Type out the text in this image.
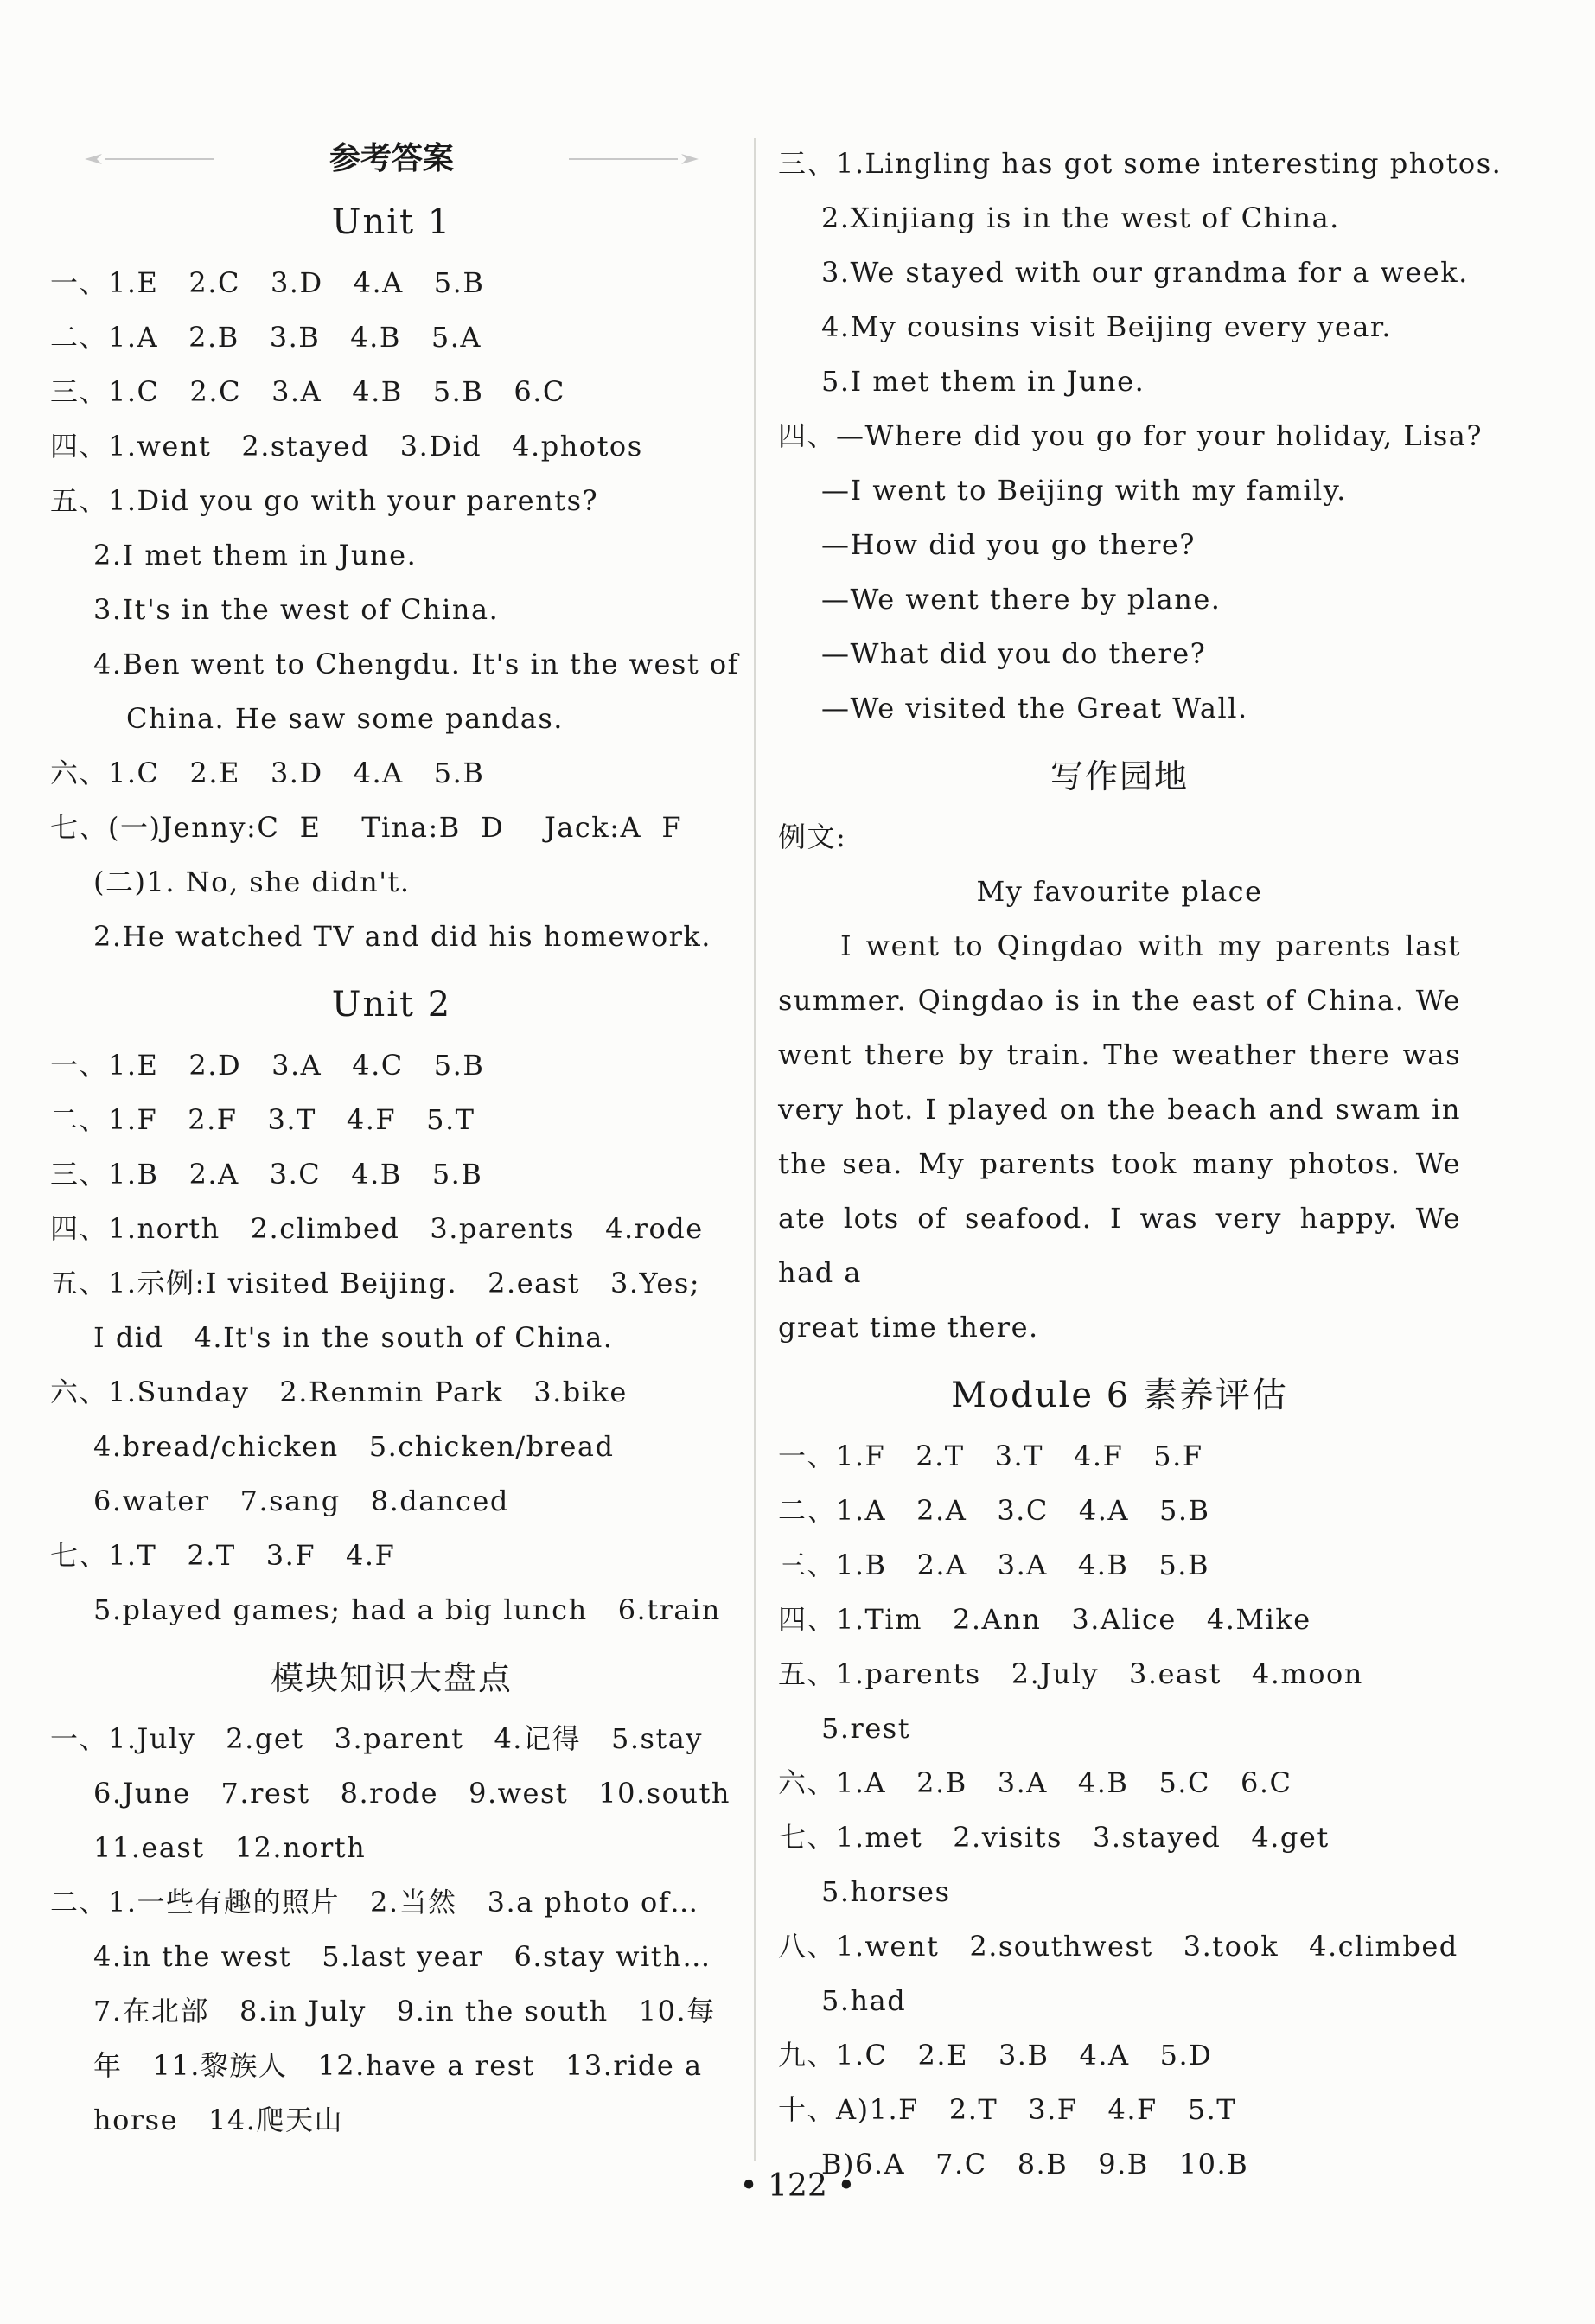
参考答案
Unit 1
一、1.E   2.C   3.D   4.A   5.B
二、1.A   2.B   3.B   4.B   5.A
三、1.C   2.C   3.A   4.B   5.B   6.C
四、1.went   2.stayed   3.Did   4.photos
五、1.Did you go with your parents?
2.I met them in June.
3.It's in the west of China.
4.Ben went to Chengdu. It's in the west of
China. He saw some pandas.
六、1.C   2.E   3.D   4.A   5.B
七、(一)Jenny:C  E    Tina:B  D    Jack:A  F
(二)1. No, she didn't.
2.He watched TV and did his homework.
Unit 2
一、1.E   2.D   3.A   4.C   5.B
二、1.F   2.F   3.T   4.F   5.T
三、1.B   2.A   3.C   4.B   5.B
四、1.north   2.climbed   3.parents   4.rode
五、1.示例:I visited Beijing.   2.east   3.Yes;
I did   4.It's in the south of China.
六、1.Sunday   2.Renmin Park   3.bike
4.bread/chicken   5.chicken/bread
6.water   7.sang   8.danced
七、1.T   2.T   3.F   4.F
5.played games; had a big lunch   6.train
模块知识大盘点
一、1.July   2.get   3.parent   4.记得   5.stay
6.June   7.rest   8.rode   9.west   10.south
11.east   12.north
二、1.一些有趣的照片   2.当然   3.a photo of…
4.in the west   5.last year   6.stay with…
7.在北部   8.in July   9.in the south   10.每
年   11.黎族人   12.have a rest   13.ride a
horse   14.爬天山
三、1.Lingling has got some interesting photos.
2.Xinjiang is in the west of China.
3.We stayed with our grandma for a week.
4.My cousins visit Beijing every year.
5.I met them in June.
四、—Where did you go for your holiday, Lisa?
—I went to Beijing with my family.
—How did you go there?
—We went there by plane.
—What did you do there?
—We visited the Great Wall.
写作园地
例文:
My favourite place

I went to Qingdao with my parents last summer. Qingdao is in the east of China. We went there by train. The weather there was very hot. I played on the beach and swam in the sea. My parents took many photos. We ate lots of seafood. I was very happy. We had a

great time there.

Module 6 素养评估
一、1.F   2.T   3.T   4.F   5.F
二、1.A   2.A   3.C   4.A   5.B
三、1.B   2.A   3.A   4.B   5.B
四、1.Tim   2.Ann   3.Alice   4.Mike
五、1.parents   2.July   3.east   4.moon
5.rest
六、1.A   2.B   3.A   4.B   5.C   6.C
七、1.met   2.visits   3.stayed   4.get
5.horses
八、1.went   2.southwest   3.took   4.climbed
5.had
九、1.C   2.E   3.B   4.A   5.D
十、A)1.F   2.T   3.F   4.F   5.T
B)6.A   7.C   8.B   9.B   10.B
• 122 •
